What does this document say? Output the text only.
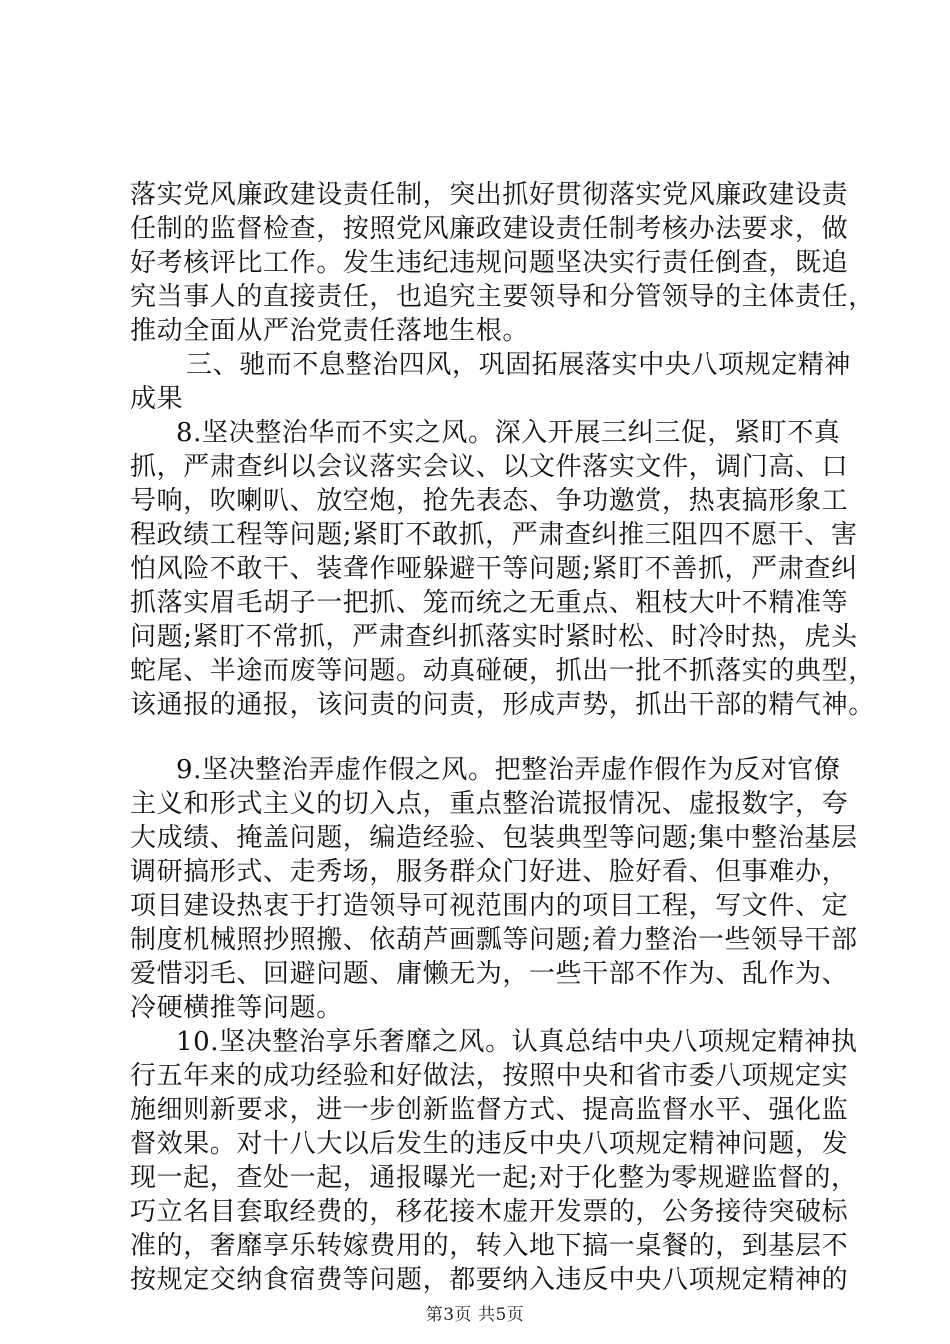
落实党风廉政建设责任制，突出抓好贯彻落实党风廉政建设责
任制的监督检查，按照党风廉政建设责任制考核办法要求，做
好考核评比工作。发生违纪违规问题坚决实行责任倒查，既追
究当事人的直接责任，也追究主要领导和分管领导的主体责任，
推动全面从严治党责任落地生根。
三、驰而不息整治四风，巩固拓展落实中央八项规定精神
成果
8.坚决整治华而不实之风。深入开展三纠三促，紧盯不真
抓，严肃查纠以会议落实会议、以文件落实文件，调门高、口
号响，吹喇叭、放空炮，抢先表态、争功邀赏，热衷搞形象工
程政绩工程等问题;紧盯不敢抓，严肃查纠推三阻四不愿干、害
怕风险不敢干、装聋作哑躲避干等问题;紧盯不善抓，严肃查纠
抓落实眉毛胡子一把抓、笼而统之无重点、粗枝大叶不精准等
问题;紧盯不常抓，严肃查纠抓落实时紧时松、时冷时热，虎头
蛇尾、半途而废等问题。动真碰硬，抓出一批不抓落实的典型，
该通报的通报，该问责的问责，形成声势，抓出干部的精气神。
9.坚决整治弄虚作假之风。把整治弄虚作假作为反对官僚
主义和形式主义的切入点，重点整治谎报情况、虚报数字，夸
大成绩、掩盖问题，编造经验、包装典型等问题;集中整治基层
调研搞形式、走秀场，服务群众门好进、脸好看、但事难办，
项目建设热衷于打造领导可视范围内的项目工程，写文件、定
制度机械照抄照搬、依葫芦画瓢等问题;着力整治一些领导干部
爱惜羽毛、回避问题、庸懒无为，一些干部不作为、乱作为、
冷硬横推等问题。
10.坚决整治享乐奢靡之风。认真总结中央八项规定精神执
行五年来的成功经验和好做法，按照中央和省市委八项规定实
施细则新要求，进一步创新监督方式、提高监督水平、强化监
督效果。对十八大以后发生的违反中央八项规定精神问题，发
现一起，查处一起，通报曝光一起;对于化整为零规避监督的，
巧立名目套取经费的，移花接木虚开发票的，公务接待突破标
准的，奢靡享乐转嫁费用的，转入地下搞一桌餐的，到基层不
按规定交纳食宿费等问题，都要纳入违反中央八项规定精神的
第3页 共5页
